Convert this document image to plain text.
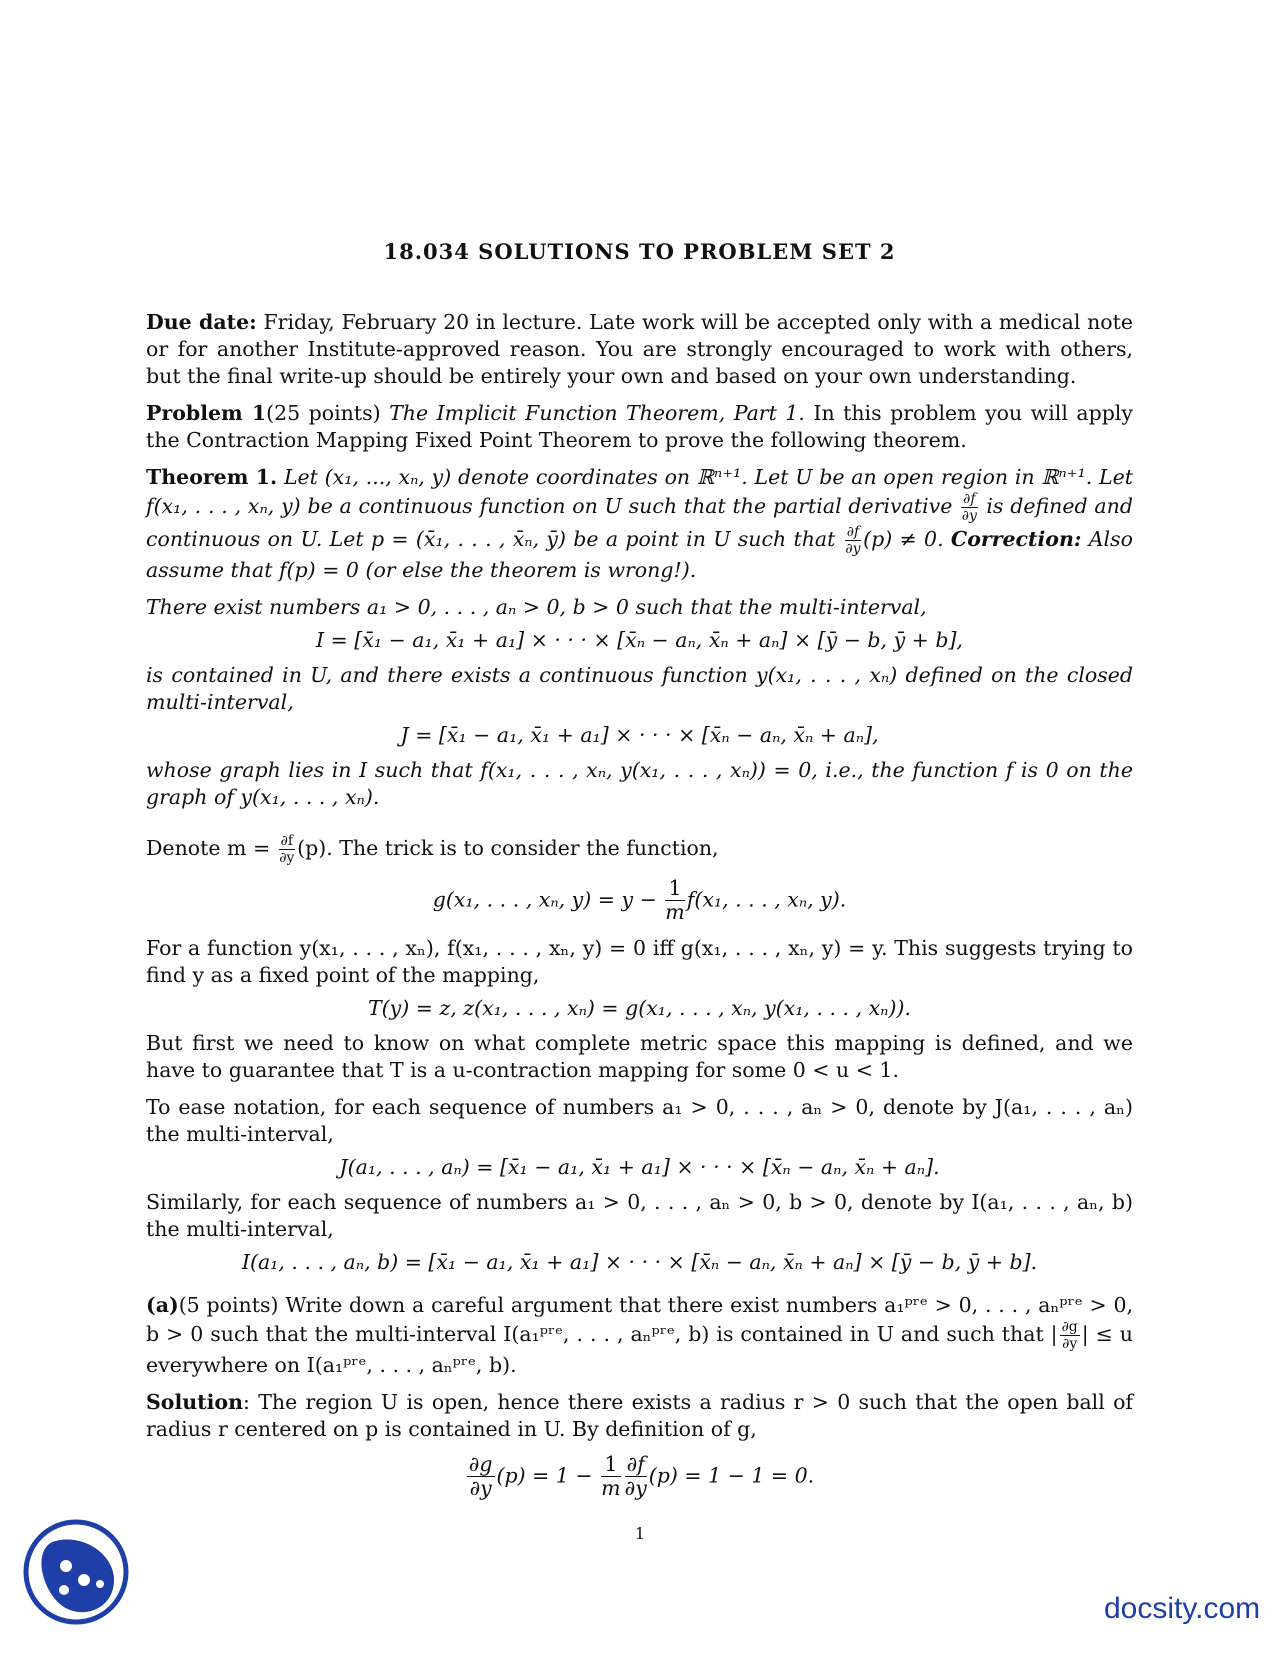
18.034 SOLUTIONS TO PROBLEM SET 2

Due date: Friday, February 20 in lecture. Late work will be accepted only with a medical note or for another Institute-approved reason. You are strongly encouraged to work with others, but the final write-up should be entirely your own and based on your own understanding.

Problem 1(25 points) The Implicit Function Theorem, Part 1. In this problem you will apply the Contraction Mapping Fixed Point Theorem to prove the following theorem.

Theorem 1. Let (x₁, ..., xₙ, y) denote coordinates on ℝⁿ⁺¹. Let U be an open region in ℝⁿ⁺¹. Let f(x₁, . . . , xₙ, y) be a continuous function on U such that the partial derivative $\frac{\partial f}{\partial y}$ is defined and continuous on U. Let p = (x̄₁, . . . , x̄ₙ, ȳ) be a point in U such that $\frac{\partial f}{\partial y} (p) \ne 0$. Correction: Also assume that f(p) = 0 (or else the theorem is wrong!).

There exist numbers a₁ > 0, . . . , aₙ > 0, b > 0 such that the multi-interval,

I = [x̄₁ − a₁, x̄₁ + a₁] × · · · × [x̄ₙ − aₙ, x̄ₙ + aₙ] × [ȳ − b, ȳ + b],

is contained in U, and there exists a continuous function y(x₁, . . . , xₙ) defined on the closed multi-interval,

J = [x̄₁ − a₁, x̄₁ + a₁] × · · · × [x̄ₙ − aₙ, x̄ₙ + aₙ],

whose graph lies in I such that f(x₁, . . . , xₙ, y(x₁, . . . , xₙ)) = 0, i.e., the function f is 0 on the graph of y(x₁, . . . , xₙ).

Denote $m = \frac{\partial f}{\partial y} (p)$. The trick is to consider the function,

g(x₁, . . . , xₙ, $y) = y - \frac{1}{m} f(x_1$, . . . , xₙ, y).

For a function y(x₁, . . . , xₙ), f(x₁, . . . , xₙ, y) = 0 iff g(x₁, . . . , xₙ, y) = y. This suggests trying to find y as a fixed point of the mapping,

T(y) = z, z(x₁, . . . , xₙ) = g(x₁, . . . , xₙ, y(x₁, . . . , xₙ)).

But first we need to know on what complete metric space this mapping is defined, and we have to guarantee that T is a u-contraction mapping for some 0 < u < 1.

To ease notation, for each sequence of numbers a₁ > 0, . . . , aₙ > 0, denote by J(a₁, . . . , aₙ) the multi-interval,

J(a₁, . . . , aₙ) = [x̄₁ − a₁, x̄₁ + a₁] × · · · × [x̄ₙ − aₙ, x̄ₙ + aₙ].

Similarly, for each sequence of numbers a₁ > 0, . . . , aₙ > 0, b > 0, denote by I(a₁, . . . , aₙ, b) the multi-interval,

I(a₁, . . . , aₙ, b) = [x̄₁ − a₁, x̄₁ + a₁] × · · · × [x̄ₙ − aₙ, x̄ₙ + aₙ] × [ȳ − b, ȳ + b].

(a)(5 points) Write down a careful argument that there exist numbers a₁ᵖʳᵉ > 0, . . . , aₙᵖʳᵉ > 0, b > 0 such that the multi-interval I(a₁ᵖʳᵉ, . . . , aₙᵖʳᵉ, b) is contained in U and such that | $\frac{\partial g}{\partial y}$ | ≤ u everywhere on I(a₁ᵖʳᵉ, . . . , aₙᵖʳᵉ, b).

Solution: The region U is open, hence there exists a radius r > 0 such that the open ball of radius r centered on p is contained in U. By definition of g,

$\frac{\partial g}{\partial y} (p) = 1 - \frac{1}{m} \frac{\partial f}{\partial y} (p) = 1 - 1 = 0$.
1
docsity.com
